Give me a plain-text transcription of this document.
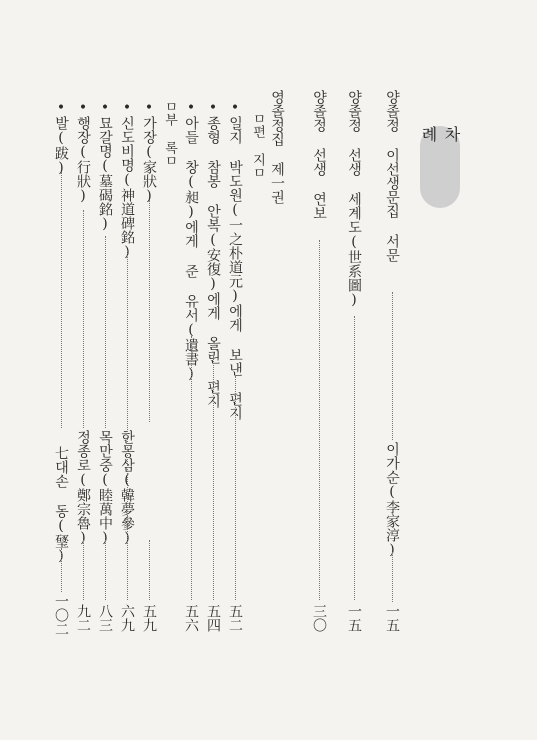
차 례
양졸정 이선생문집 서문
이가순(李家淳)
一五
양졸정 선생 세계도(世系圖)
一五
양졸정 선생 연보
三〇
영졸정집 제一권
ㅁ편 지ㅁ
•일지 박도원(一之朴道元)에게 보낸 편지
五二
•종형 참봉 안복(安復)에게 올린 편지
五四
•아들 창(昶)에게 준 유서(遺書)
五六
ㅁ부 록ㅁ
•가장(家狀)
한몽삼(韓夢參)
五九
•신도비명(神道碑銘)
六九
•묘갈명(墓碣銘)
목만중(睦萬中)
八三
•행장(行狀)
정종로(鄭宗魯)
九二
•발(跋)
七대손 동(㻹)
一〇二
